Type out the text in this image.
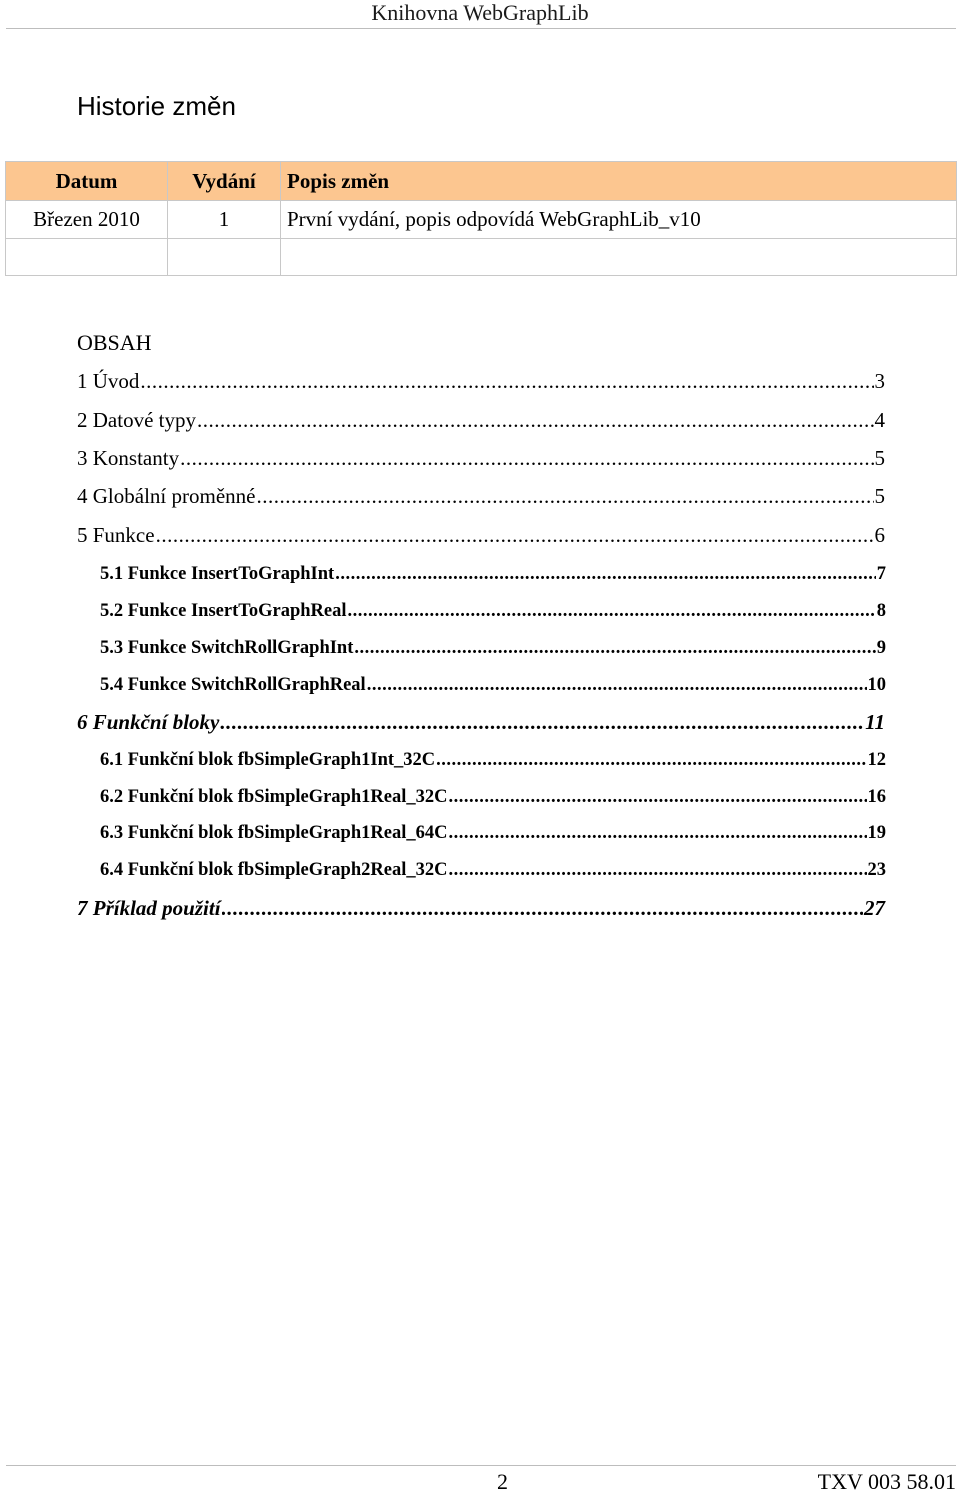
Knihovna WebGraphLib
Historie změn
Datum	Vydání	Popis změn
Březen 2010	1	První vydání, popis odpovídá WebGraphLib_v10

OBSAH
1 Úvod .....	3
2 Datové typy .....	4
3 Konstanty .....	5
4 Globální proměnné .....	5
5 Funkce .....	6
5.1 Funkce InsertToGraphInt .....	7
5.2 Funkce InsertToGraphReal .....	8
5.3 Funkce SwitchRollGraphInt .....	9
5.4 Funkce SwitchRollGraphReal .....	10
6 Funkční bloky .....	11
6.1 Funkční blok fbSimpleGraph1Int_32C .....	12
6.2 Funkční blok fbSimpleGraph1Real_32C .....	16
6.3 Funkční blok fbSimpleGraph1Real_64C .....	19
6.4 Funkční blok fbSimpleGraph2Real_32C .....	23
7 Příklad použití .....	27
2	TXV 003 58.01
